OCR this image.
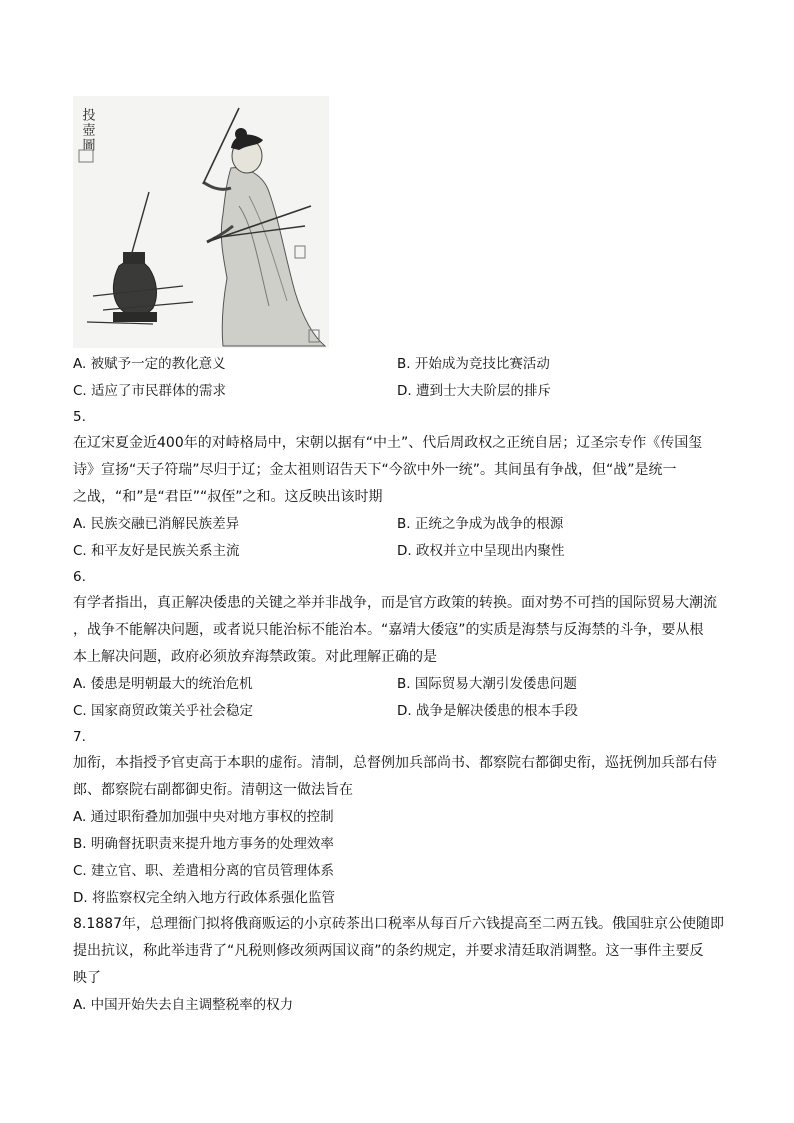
投壺圖
A. 被赋予一定的教化意义	B. 开始成为竞技比赛活动
C. 适应了市民群体的需求	D. 遭到士大夫阶层的排斥
5.
在辽宋夏金近400年的对峙格局中，宋朝以据有“中土”、代后周政权之正统自居；辽圣宗专作《传国玺
诗》宣扬“天子符瑞”尽归于辽；金太祖则诏告天下“今欲中外一统”。其间虽有争战，但“战”是统一
之战，“和”是“君臣”“叔侄”之和。这反映出该时期
A. 民族交融已消解民族差异	B. 正统之争成为战争的根源
C. 和平友好是民族关系主流	D. 政权并立中呈现出内聚性
6.
有学者指出，真正解决倭患的关键之举并非战争，而是官方政策的转换。面对势不可挡的国际贸易大潮流
，战争不能解决问题，或者说只能治标不能治本。“嘉靖大倭寇”的实质是海禁与反海禁的斗争，要从根
本上解决问题，政府必须放弃海禁政策。对此理解正确的是
A. 倭患是明朝最大的统治危机	B. 国际贸易大潮引发倭患问题
C. 国家商贸政策关乎社会稳定	D. 战争是解决倭患的根本手段
7.
加衔，本指授予官吏高于本职的虚衔。清制，总督例加兵部尚书、都察院右都御史衔，巡抚例加兵部右侍
郎、都察院右副都御史衔。清朝这一做法旨在
A. 通过职衔叠加加强中央对地方事权的控制
B. 明确督抚职责来提升地方事务的处理效率
C. 建立官、职、差遣相分离的官员管理体系
D. 将监察权完全纳入地方行政体系强化监管
8.1887年，总理衙门拟将俄商贩运的小京砖茶出口税率从每百斤六钱提高至二两五钱。俄国驻京公使随即
提出抗议，称此举违背了“凡税则修改须两国议商”的条约规定，并要求清廷取消调整。这一事件主要反
映了
A. 中国开始失去自主调整税率的权力
